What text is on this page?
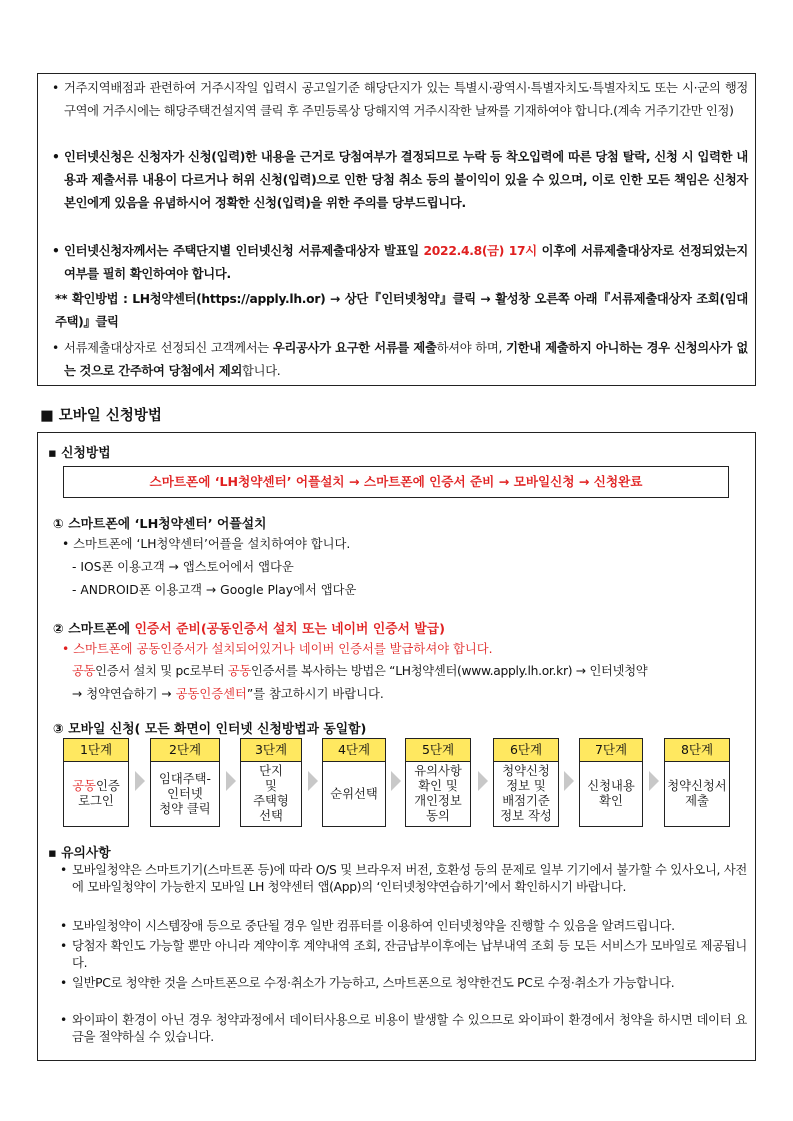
• 거주지역배점과 관련하여 거주시작일 입력시 공고일기준 해당단지가 있는 특별시·광역시·특별자치도·특별자치도 또는 시·군의 행정구역에 거주시에는 해당주택건설지역 클릭 후 주민등록상 당해지역 거주시작한 날짜를 기재하여야 합니다.(계속 거주기간만 인정)
• 인터넷신청은 신청자가 신청(입력)한 내용을 근거로 당첨여부가 결정되므로 누락 등 착오입력에 따른 당첨 탈락, 신청 시 입력한 내용과 제출서류 내용이 다르거나 허위 신청(입력)으로 인한 당첨 취소 등의 불이익이 있을 수 있으며, 이로 인한 모든 책임은 신청자 본인에게 있음을 유념하시어 정확한 신청(입력)을 위한 주의를 당부드립니다.
• 인터넷신청자께서는 주택단지별 인터넷신청 서류제출대상자 발표일 2022.4.8(금) 17시 이후에 서류제출대상자로 선정되었는지 여부를 필히 확인하여야 합니다.
** 확인방법 : LH청약센터(https://apply.lh.or) → 상단『인터넷청약』클릭 → 활성창 오른쪽 아래『서류제출대상자 조회(임대주택)』클릭
• 서류제출대상자로 선정되신 고객께서는 우리공사가 요구한 서류를 제출하셔야 하며, 기한내 제출하지 아니하는 경우 신청의사가 없는 것으로 간주하여 당첨에서 제외합니다.
■ 모바일 신청방법
▪ 신청방법
스마트폰에 ‘LH청약센터’ 어플설치 → 스마트폰에 인증서 준비 → 모바일신청 → 신청완료
① 스마트폰에 ‘LH청약센터’ 어플설치
• 스마트폰에 ‘LH청약센터’어플을 설치하여야 합니다.
- IOS폰 이용고객 → 앱스토어에서 앱다운
- ANDROID폰 이용고객 → Google Play에서 앱다운
② 스마트폰에 인증서 준비(공동인증서 설치 또는 네이버 인증서 발급)
• 스마트폰에 공동인증서가 설치되어있거나 네이버 인증서를 발급하셔야 합니다.
공동인증서 설치 및 pc로부터 공동인증서를 복사하는 방법은 “LH청약센터(www.apply.lh.or.kr) → 인터넷청약
→ 청약연습하기 → 공동인증센터”를 참고하시기 바랍니다.
③ 모바일 신청( 모든 화면이 인터넷 신청방법과 동일함)
1단계
공동인증
로그인
2단계
임대주택-
인터넷
청약 클릭
3단계
단지
및
주택형
선택
4단계
순위선택
5단계
유의사항
확인 및
개인정보
동의
6단계
청약신청
정보 및
배점기준
정보 작성
7단계
신청내용
확인
8단계
청약신청서
제출
▪ 유의사항
• 모바일청약은 스마트기기(스마트폰 등)에 따라 O/S 및 브라우저 버전, 호환성 등의 문제로 일부 기기에서 불가할 수 있사오니, 사전에 모바일청약이 가능한지 모바일 LH 청약센터 앱(App)의 ‘인터넷청약연습하기’에서 확인하시기 바랍니다.
• 모바일청약이 시스템장애 등으로 중단될 경우 일반 컴퓨터를 이용하여 인터넷청약을 진행할 수 있음을 알려드립니다.
• 당첨자 확인도 가능할 뿐만 아니라 계약이후 계약내역 조회, 잔금납부이후에는 납부내역 조회 등 모든 서비스가 모바일로 제공됩니다.
• 일반PC로 청약한 것을 스마트폰으로 수정·취소가 가능하고, 스마트폰으로 청약한건도 PC로 수정·취소가 가능합니다.
• 와이파이 환경이 아닌 경우 청약과정에서 데이터사용으로 비용이 발생할 수 있으므로 와이파이 환경에서 청약을 하시면 데이터 요금을 절약하실 수 있습니다.
